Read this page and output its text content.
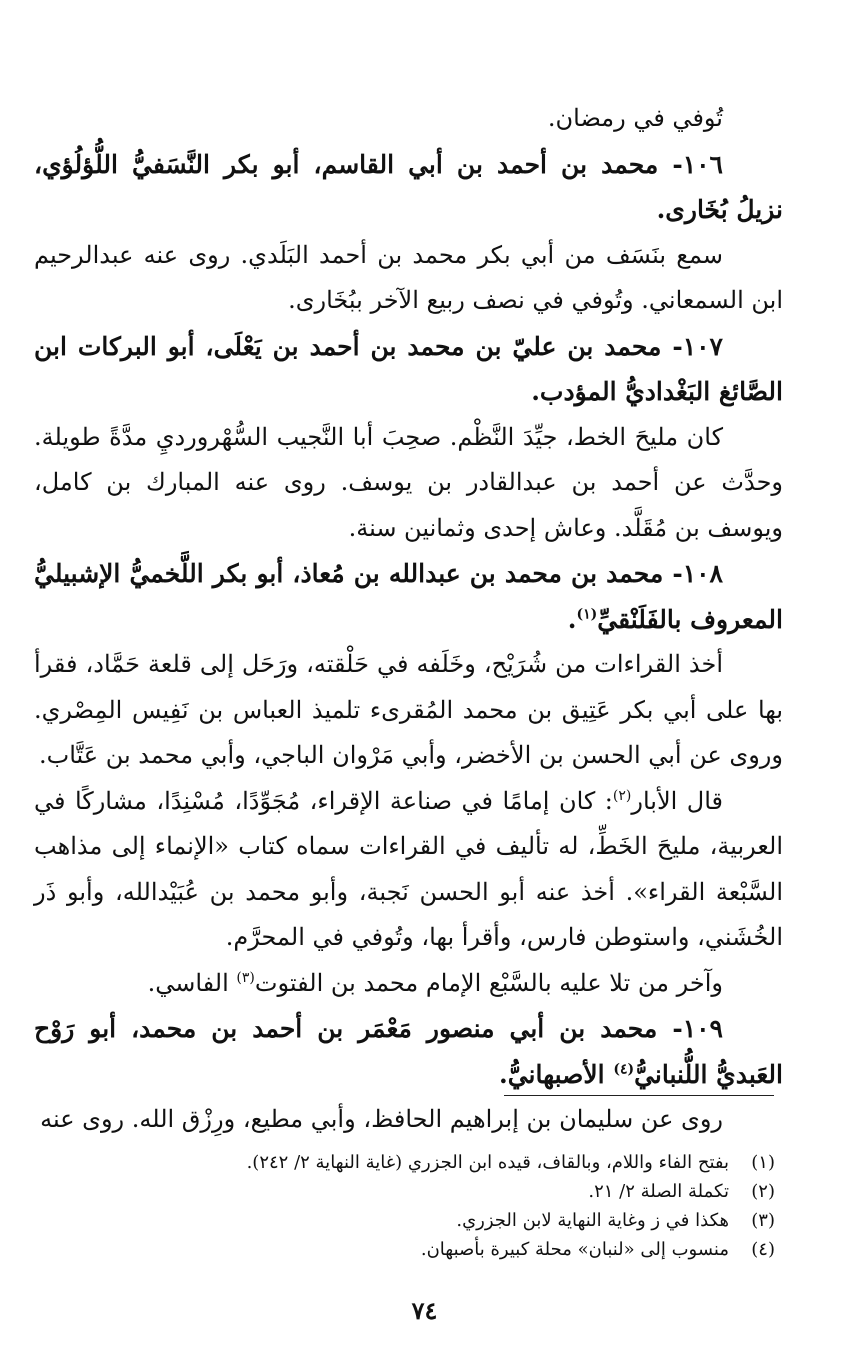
تُوفي في رمضان.

١٠٦- محمد بن أحمد بن أبي القاسم، أبو بكر النَّسَفيُّ اللُّؤلُؤي، نزيلُ بُخَارى.

سمع بنَسَف من أبي بكر محمد بن أحمد البَلَدي. روى عنه عبدالرحيم ابن السمعاني. وتُوفي في نصف ربيع الآخر ببُخَارى.

١٠٧- محمد بن عليّ بن محمد بن أحمد بن يَعْلَى، أبو البركات ابن الصَّائغ البَغْداديُّ المؤدب.

كان مليحَ الخط، جيِّدَ النَّظْم. صحِبَ أبا النَّجيب السُّهْرورديِ مدَّةً طويلة. وحدَّث عن أحمد بن عبدالقادر بن يوسف. روى عنه المبارك بن كامل، ويوسف بن مُقَلَّد. وعاش إحدى وثمانين سنة.

١٠٨- محمد بن محمد بن عبدالله بن مُعاذ، أبو بكر اللَّخميُّ الإشبيليُّ المعروف بالفَلَنْقيِّ$^{(١)}$.

أخذ القراءات من شُرَيْح، وخَلَفه في حَلْقته، ورَحَل إلى قلعة حَمَّاد، فقرأ بها على أبي بكر عَتِيق بن محمد المُقرىء تلميذ العباس بن نَفِيس المِصْري. وروى عن أبي الحسن بن الأخضر، وأبي مَرْوان الباجي، وأبي محمد بن عَتَّاب.

قال الأبار$^{(٢)}$: كان إمامًا في صناعة الإقراء، مُجَوِّدًا، مُسْنِدًا، مشاركًا في العربية، مليحَ الخَطِّ، له تأليف في القراءات سماه كتاب «الإنماء إلى مذاهب السَّبْعة القراء». أخذ عنه أبو الحسن نَجبة، وأبو محمد بن عُبَيْدالله، وأبو ذَر الخُشَني، واستوطن فارس، وأقرأ بها، وتُوفي في المحرَّم.

وآخر من تلا عليه بالسَّبْع الإمام محمد بن الفتوت$^{(٣)}$ الفاسي.

١٠٩- محمد بن أبي منصور مَعْمَر بن أحمد بن محمد، أبو رَوْح العَبديُّ اللُّنبانيُّ$^{(٤)}$ الأصبهانيُّ.

روى عن سليمان بن إبراهيم الحافظ، وأبي مطيع، ورِزْق الله. روى عنه

(١)بفتح الفاء واللام، وبالقاف، قيده ابن الجزري (غاية النهاية ٢/ ٢٤٢).
(٢)تكملة الصلة ٢/ ٢١.
(٣)هكذا في ز وغاية النهاية لابن الجزري.
(٤)منسوب إلى «لنبان» محلة كبيرة بأصبهان.
٧٤
